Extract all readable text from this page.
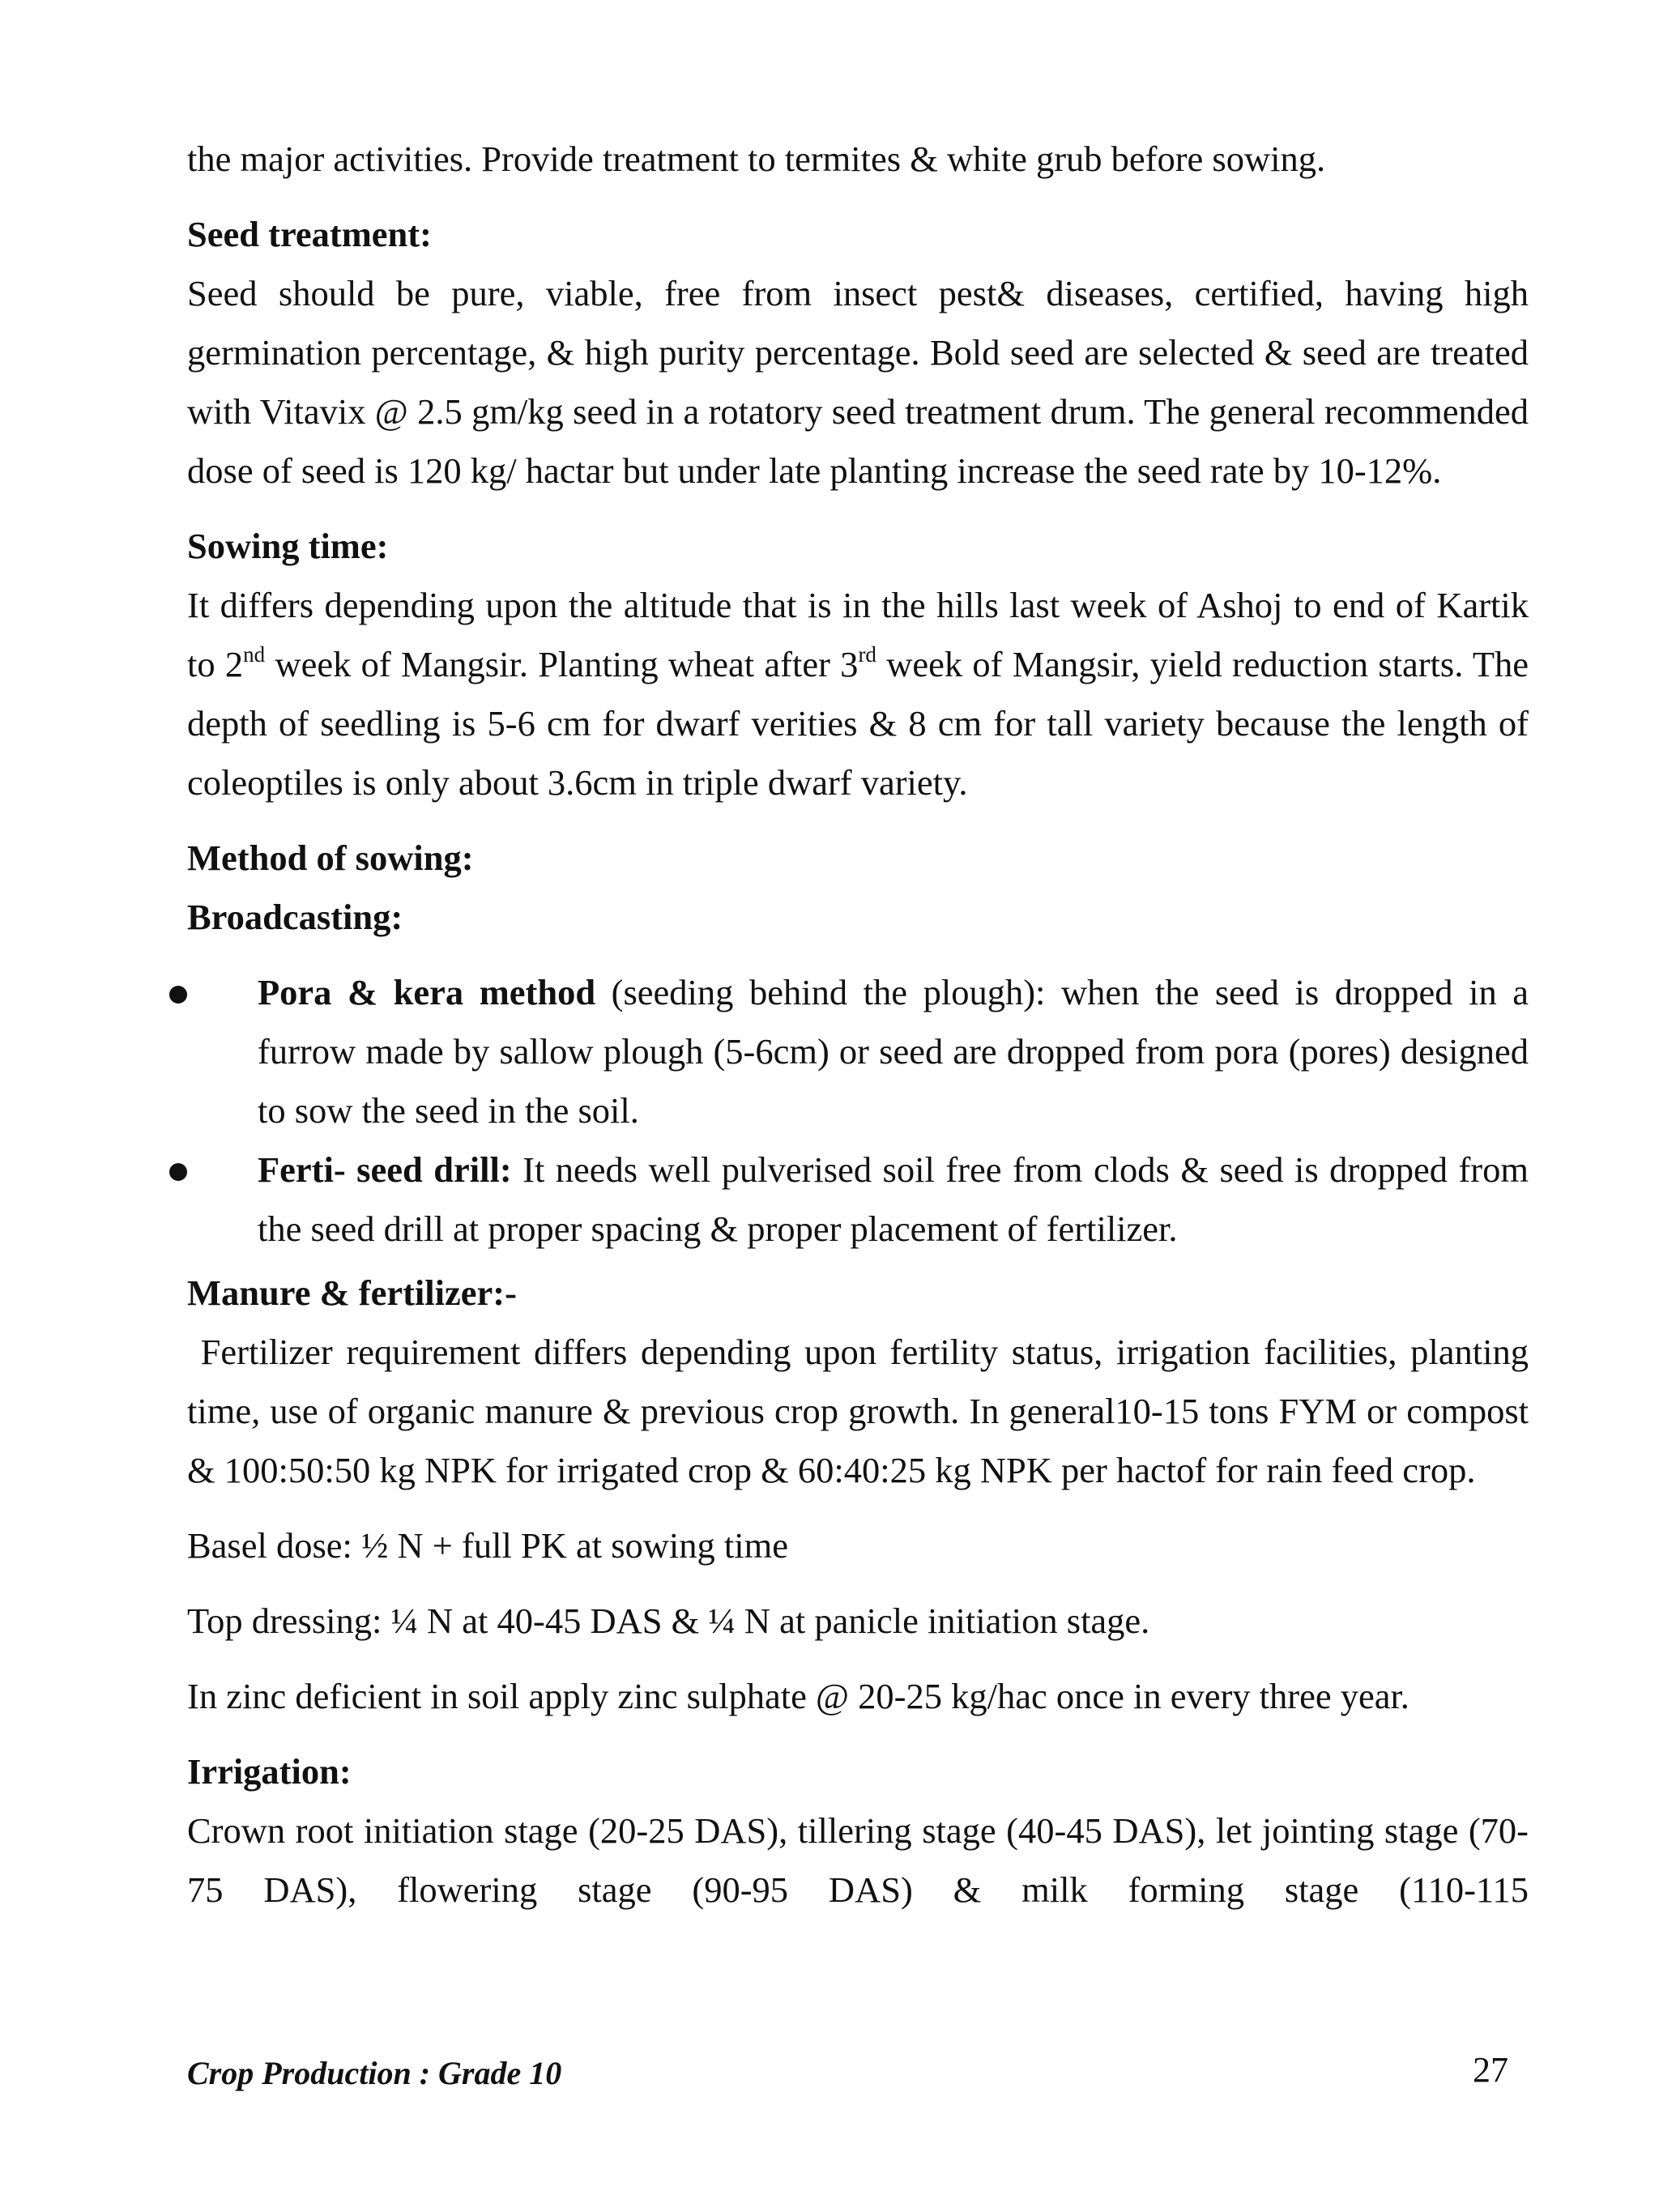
the major activities. Provide treatment to termites & white grub before sowing.

Seed treatment:

Seed should be pure, viable, free from insect pest& diseases, certified, having high germination percentage, & high purity percentage. Bold seed are selected & seed are treated with Vitavix @ 2.5 gm/kg seed in a rotatory seed treatment drum. The general recommended dose of seed is 120 kg/ hactar but under late planting increase the seed rate by 10-12%.

Sowing time:

It differs depending upon the altitude that is in the hills last week of Ashoj to end of Kartik to 2nd week of Mangsir. Planting wheat after 3rd week of Mangsir, yield reduction starts. The depth of seedling is 5-6 cm for dwarf verities & 8 cm for tall variety because the length of coleoptiles is only about 3.6cm in triple dwarf variety.

Method of sowing:

Broadcasting:

Pora & kera method (seeding behind the plough): when the seed is dropped in a furrow made by sallow plough (5-6cm) or seed are dropped from pora (pores) designed to sow the seed in the soil.
Ferti- seed drill: It needs well pulverised soil free from clods & seed is dropped from the seed drill at proper spacing & proper placement of fertilizer.

Manure & fertilizer:-

Fertilizer requirement differs depending upon fertility status, irrigation facilities, planting time, use of organic manure & previous crop growth. In general10-15 tons FYM or compost & 100:50:50 kg NPK for irrigated crop & 60:40:25 kg NPK per hactof for rain feed crop.

Basel dose: ½ N + full PK at sowing time

Top dressing: ¼ N at 40-45 DAS & ¼ N at panicle initiation stage.

In zinc deficient in soil apply zinc sulphate @ 20-25 kg/hac once in every three year.

Irrigation:

Crown root initiation stage (20-25 DAS), tillering stage (40-45 DAS), let jointing stage (70-75 DAS), flowering stage (90-95 DAS) & milk forming stage (110-115

Crop Production : Grade 10	27
